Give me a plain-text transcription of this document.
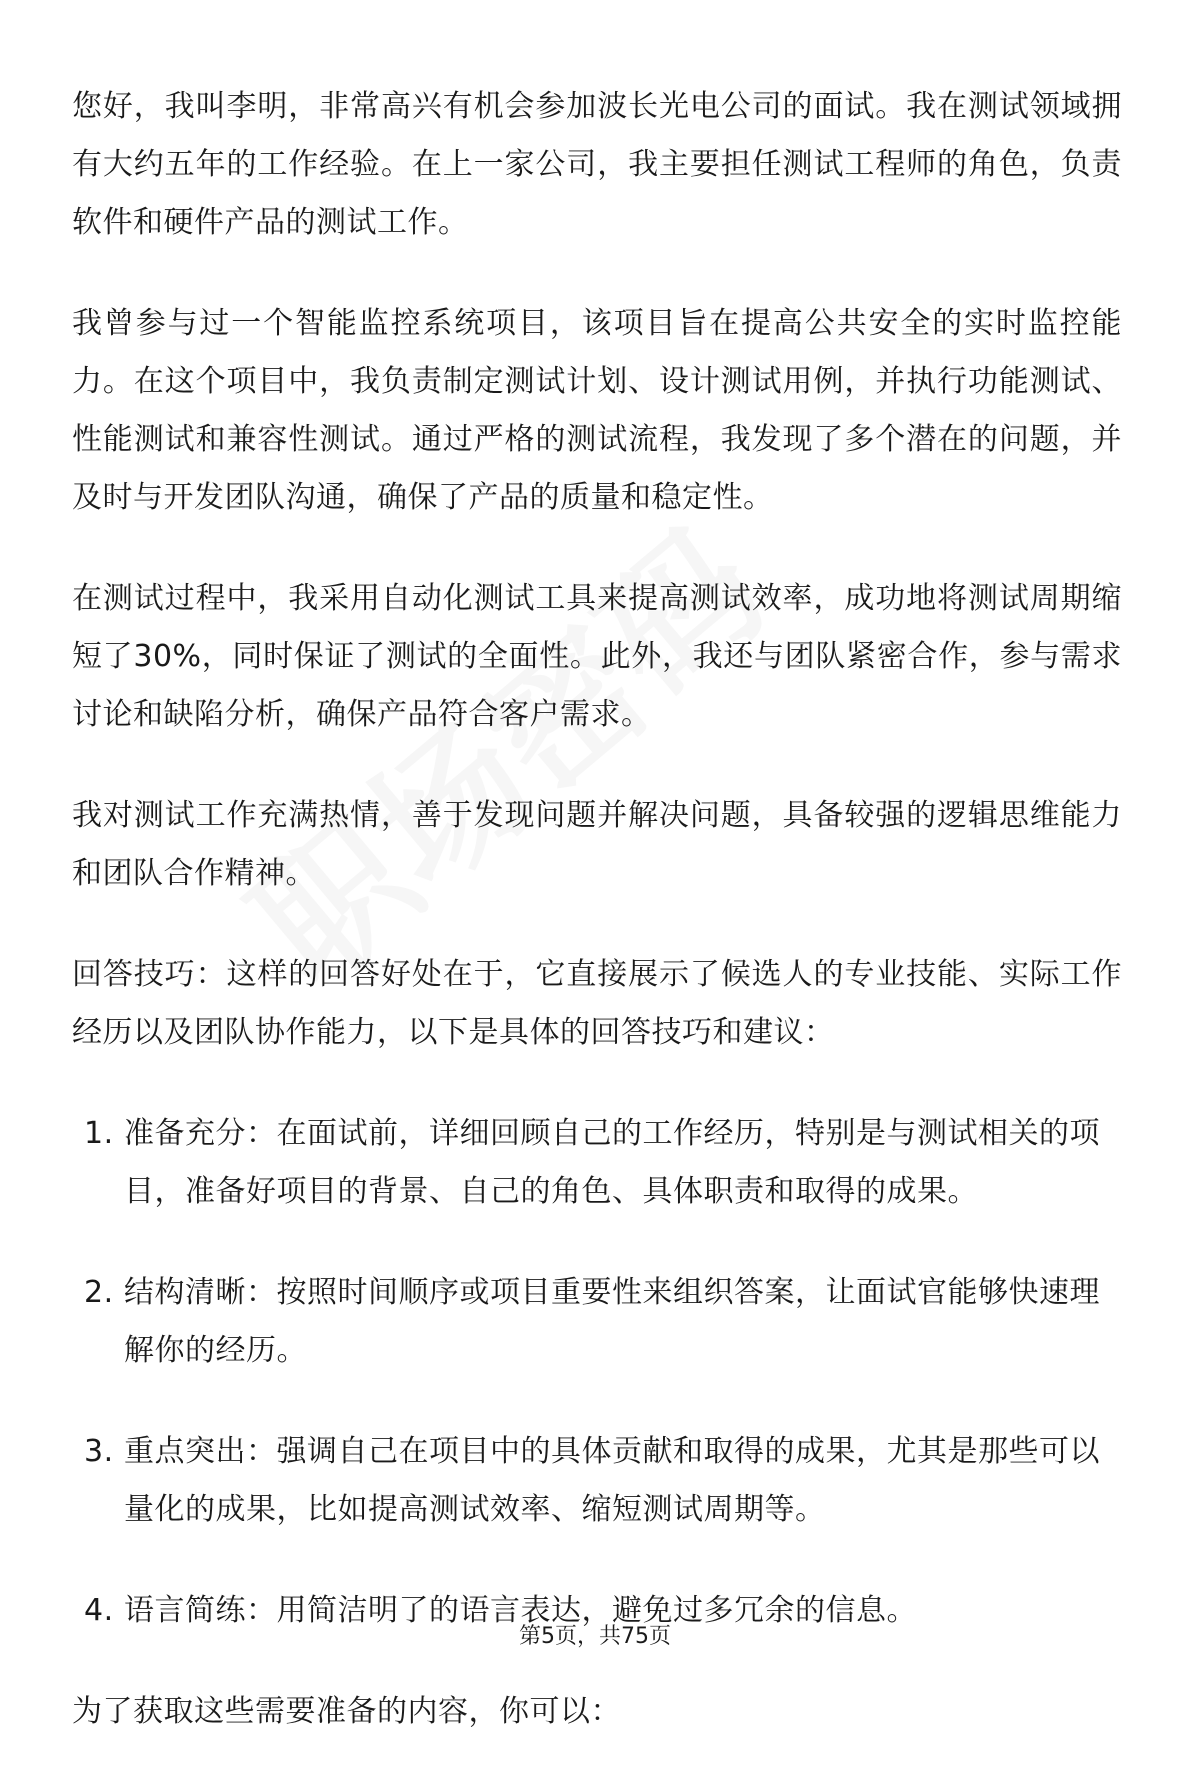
您好，我叫李明，非常高兴有机会参加波长光电公司的面试。我在测试领域拥有大约五年的工作经验。在上一家公司，我主要担任测试工程师的角色，负责软件和硬件产品的测试工作。

我曾参与过一个智能监控系统项目，该项目旨在提高公共安全的实时监控能力。在这个项目中，我负责制定测试计划、设计测试用例，并执行功能测试、性能测试和兼容性测试。通过严格的测试流程，我发现了多个潜在的问题，并及时与开发团队沟通，确保了产品的质量和稳定性。

在测试过程中，我采用自动化测试工具来提高测试效率，成功地将测试周期缩短了30%，同时保证了测试的全面性。此外，我还与团队紧密合作，参与需求讨论和缺陷分析，确保产品符合客户需求。

我对测试工作充满热情，善于发现问题并解决问题，具备较强的逻辑思维能力和团队合作精神。

回答技巧：这样的回答好处在于，它直接展示了候选人的专业技能、实际工作经历以及团队协作能力，以下是具体的回答技巧和建议：

1. 准备充分：在面试前，详细回顾自己的工作经历，特别是与测试相关的项目，准备好项目的背景、自己的角色、具体职责和取得的成果。
2. 结构清晰：按照时间顺序或项目重要性来组织答案，让面试官能够快速理解你的经历。
3. 重点突出：强调自己在项目中的具体贡献和取得的成果，尤其是那些可以量化的成果，比如提高测试效率、缩短测试周期等。
4. 语言简练：用简洁明了的语言表达，避免过多冗余的信息。

为了获取这些需要准备的内容，你可以：

第5页，共75页
